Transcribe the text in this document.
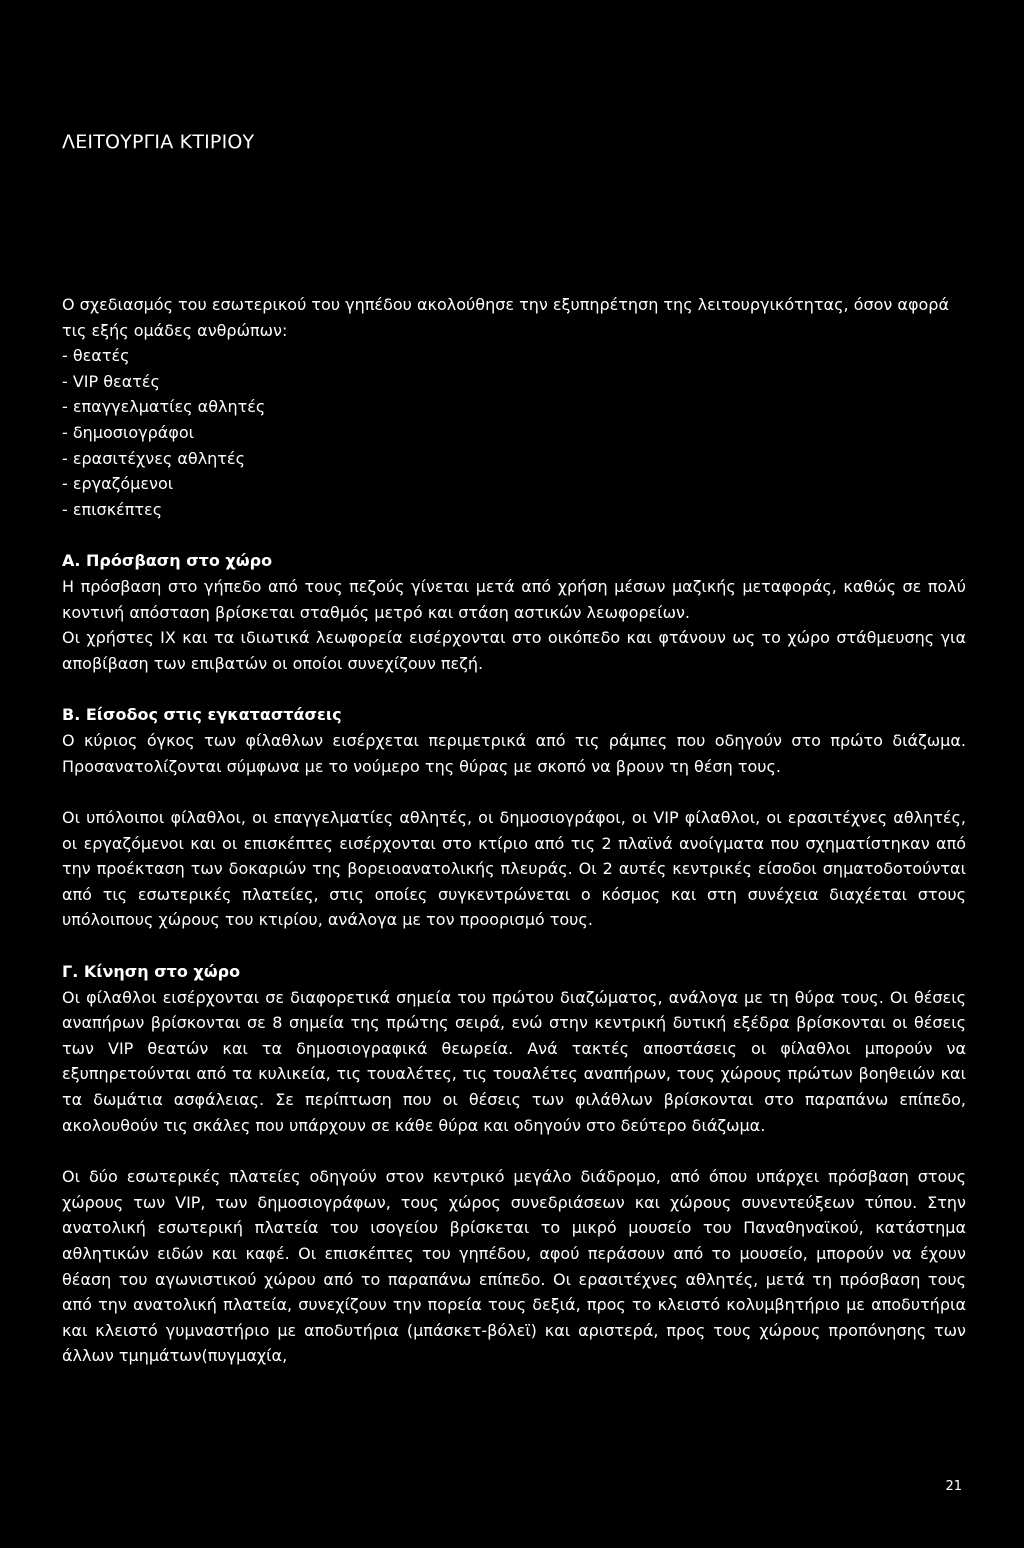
ΛΕΙΤΟΥΡΓΙΑ ΚΤΙΡΙΟΥ

Ο σχεδιασμός του εσωτερικού του γηπέδου ακολούθησε την εξυπηρέτηση της λειτουργικότητας, όσον αφορά τις εξής ομάδες ανθρώπων:

- θεατές
- VIP θεατές
- επαγγελματίες αθλητές
- δημοσιογράφοι
- ερασιτέχνες αθλητές
- εργαζόμενοι
- επισκέπτες

Α. Πρόσβαση στο χώρο

Η πρόσβαση στο γήπεδο από τους πεζούς γίνεται μετά από χρήση μέσων μαζικής μεταφοράς, καθώς σε πολύ κοντινή απόσταση βρίσκεται σταθμός μετρό και στάση αστικών λεωφορείων.

Οι χρήστες ΙΧ και τα ιδιωτικά λεωφορεία εισέρχονται στο οικόπεδο και φτάνουν ως το χώρο στάθμευσης για αποβίβαση των επιβατών οι οποίοι συνεχίζουν πεζή.

Β. Είσοδος στις εγκαταστάσεις

Ο κύριος όγκος των φίλαθλων εισέρχεται περιμετρικά από τις ράμπες που οδηγούν στο πρώτο διάζωμα. Προσανατολίζονται σύμφωνα με το νούμερο της θύρας με σκοπό να βρουν τη θέση τους.

Οι υπόλοιποι φίλαθλοι, οι επαγγελματίες αθλητές, οι δημοσιογράφοι, οι VIP φίλαθλοι, οι ερασιτέχνες αθλητές, οι εργαζόμενοι και οι επισκέπτες εισέρχονται στο κτίριο από τις 2 πλαϊνά ανοίγματα που σχηματίστηκαν από την προέκταση των δοκαριών της βορειοανατολικής πλευράς. Οι 2 αυτές κεντρικές είσοδοι σηματοδοτούνται από τις εσωτερικές πλατείες, στις οποίες συγκεντρώνεται ο κόσμος και στη συνέχεια διαχέεται στους υπόλοιπους χώρους του κτιρίου, ανάλογα με τον προορισμό τους.

Γ. Κίνηση στο χώρο

Οι φίλαθλοι εισέρχονται σε διαφορετικά σημεία του πρώτου διαζώματος, ανάλογα με τη θύρα τους. Οι θέσεις αναπήρων βρίσκονται σε 8 σημεία της πρώτης σειρά, ενώ στην κεντρική δυτική εξέδρα βρίσκονται οι θέσεις των VIP θεατών και τα δημοσιογραφικά θεωρεία. Ανά τακτές αποστάσεις οι φίλαθλοι μπορούν να εξυπηρετούνται από τα κυλικεία, τις τουαλέτες, τις τουαλέτες αναπήρων, τους χώρους πρώτων βοηθειών και τα δωμάτια ασφάλειας. Σε περίπτωση που οι θέσεις των φιλάθλων βρίσκονται στο παραπάνω επίπεδο, ακολουθούν τις σκάλες που υπάρχουν σε κάθε θύρα και οδηγούν στο δεύτερο διάζωμα.

Οι δύο εσωτερικές πλατείες οδηγούν στον κεντρικό μεγάλο διάδρομο, από όπου υπάρχει πρόσβαση στους χώρους των VIP, των δημοσιογράφων, τους χώρος συνεδριάσεων και χώρους συνεντεύξεων τύπου. Στην ανατολική εσωτερική πλατεία του ισογείου βρίσκεται το μικρό μουσείο του Παναθηναϊκού, κατάστημα αθλητικών ειδών και καφέ. Οι επισκέπτες του γηπέδου, αφού περάσουν από το μουσείο, μπορούν να έχουν θέαση του αγωνιστικού χώρου από το παραπάνω επίπεδο. Οι ερασιτέχνες αθλητές, μετά τη πρόσβαση τους από την ανατολική πλατεία, συνεχίζουν την πορεία τους δεξιά, προς το κλειστό κολυμβητήριο με αποδυτήρια και κλειστό γυμναστήριο με αποδυτήρια (μπάσκετ-βόλεϊ) και αριστερά, προς τους χώρους προπόνησης των άλλων τμημάτων(πυγμαχία,

21
